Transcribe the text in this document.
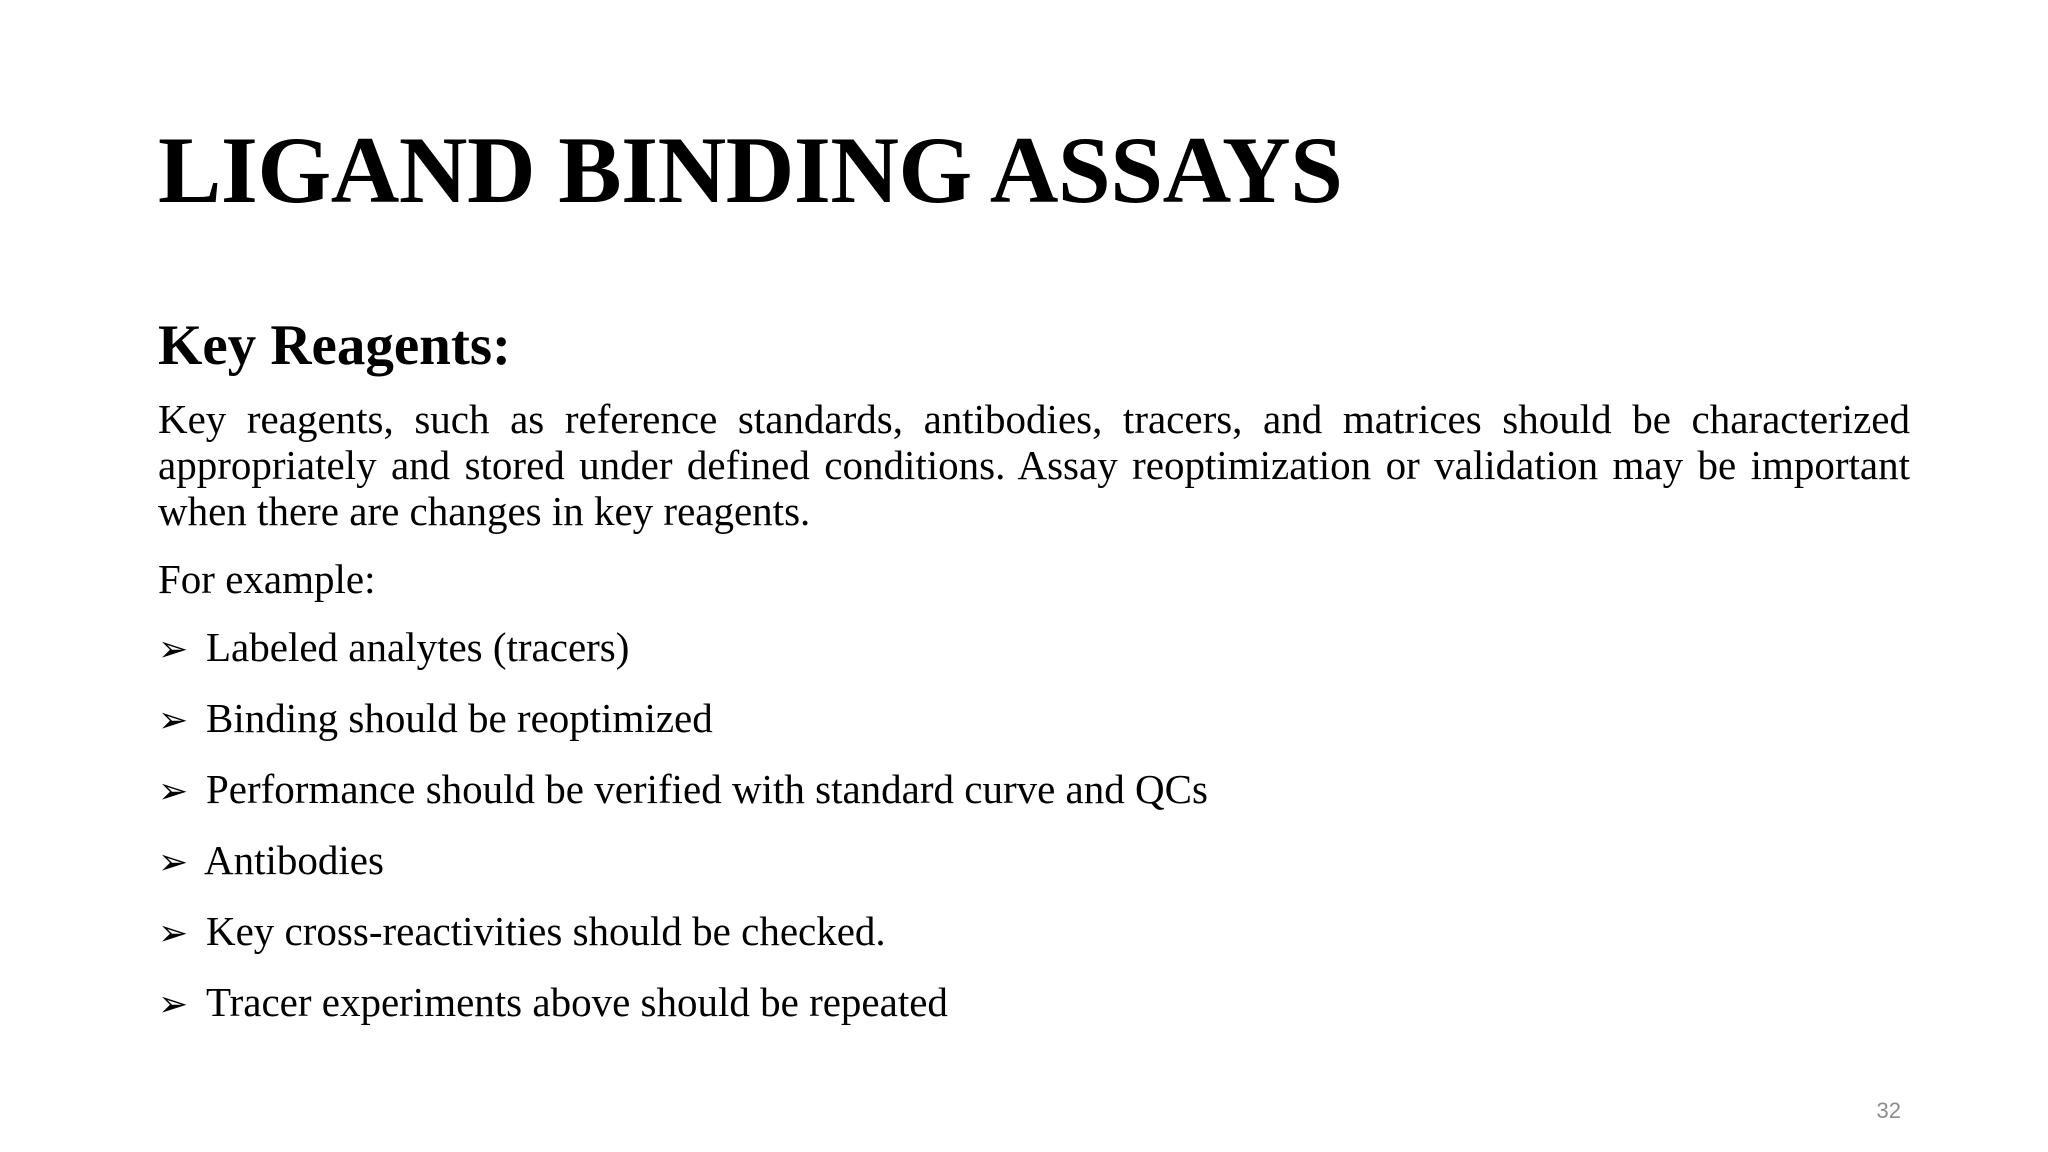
LIGAND BINDING ASSAYS
Key Reagents:

Key reagents, such as reference standards, antibodies, tracers, and matrices should be characterized appropriately and stored under defined conditions. Assay reoptimization or validation may be important when there are changes in key reagents.

For example:

➢ Labeled analytes (tracers)
➢ Binding should be reoptimized
➢ Performance should be verified with standard curve and QCs
➢ Antibodies
➢ Key cross-reactivities should be checked.
➢ Tracer experiments above should be repeated
32
